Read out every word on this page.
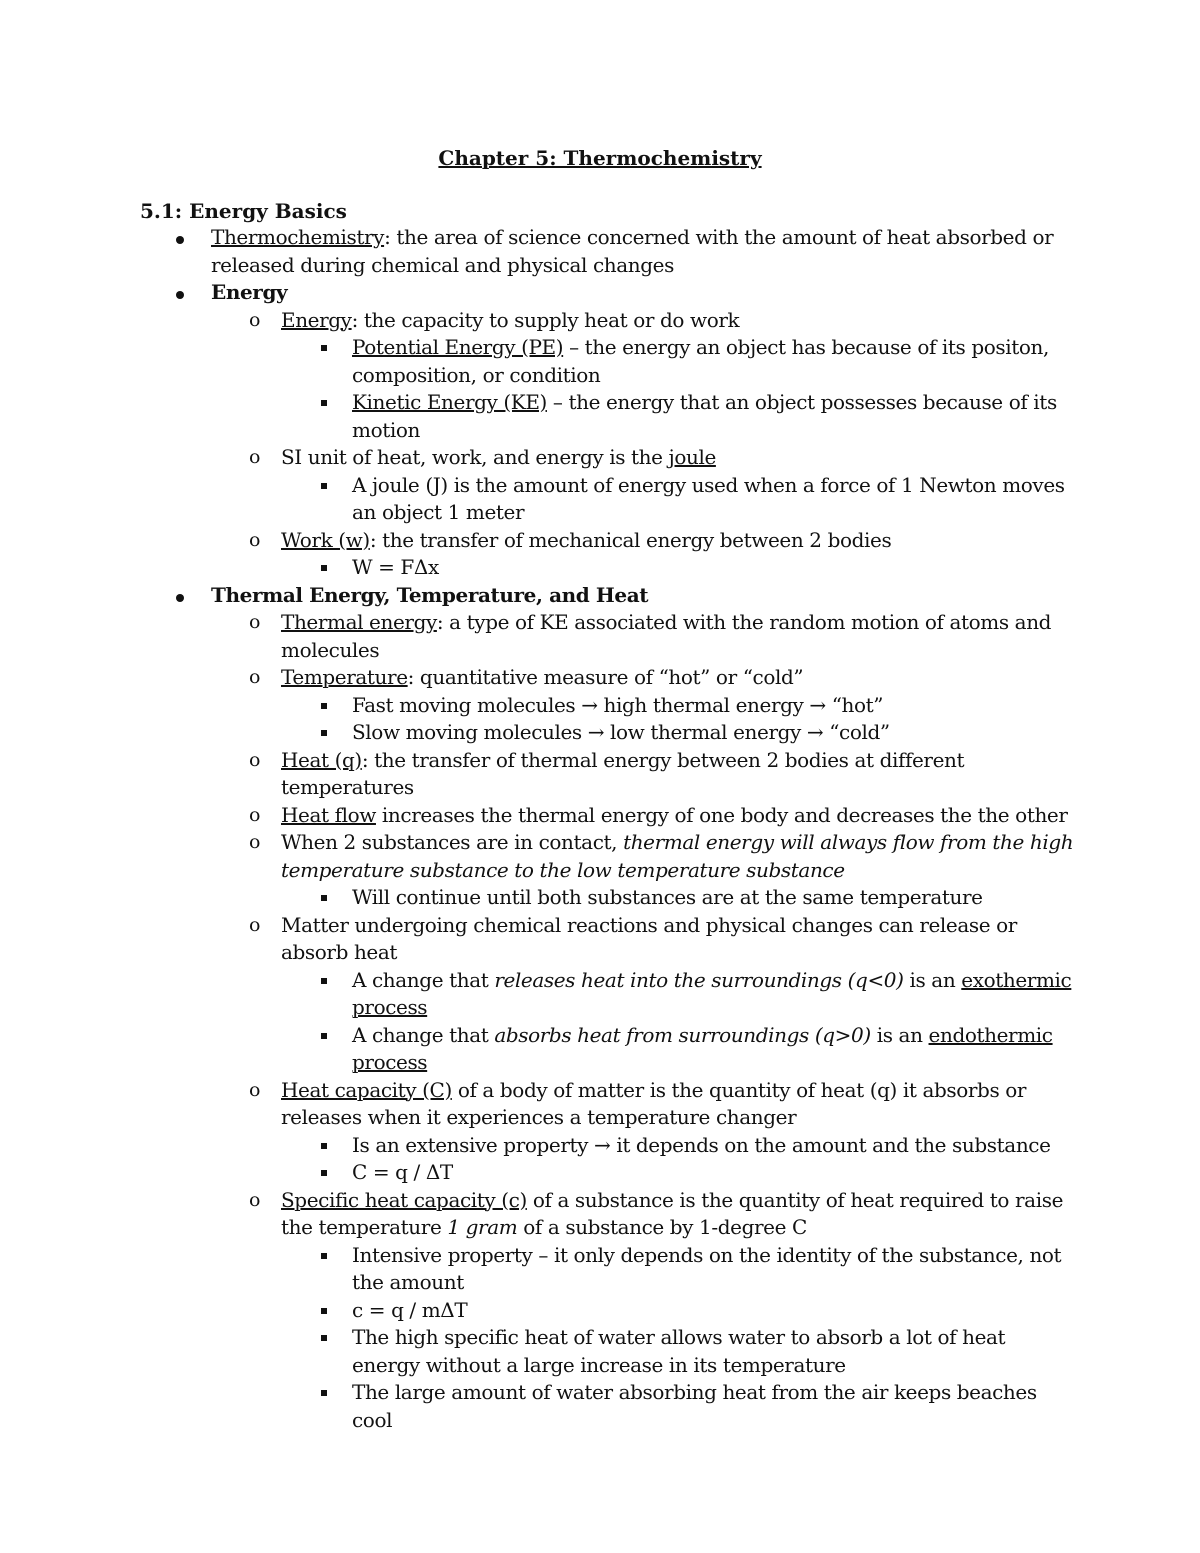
Chapter 5: Thermochemistry
5.1: Energy Basics
Thermochemistry: the area of science concerned with the amount of heat absorbed or released during chemical and physical changes
Energy
o Energy: the capacity to supply heat or do work
Potential Energy (PE) – the energy an object has because of its positon, composition, or condition
Kinetic Energy (KE) – the energy that an object possesses because of its motion
o SI unit of heat, work, and energy is the joule
A joule (J) is the amount of energy used when a force of 1 Newton moves an object 1 meter
o Work (w): the transfer of mechanical energy between 2 bodies
W = FΔx
Thermal Energy, Temperature, and Heat
o Thermal energy: a type of KE associated with the random motion of atoms and molecules
o Temperature: quantitative measure of “hot” or “cold”
Fast moving molecules → high thermal energy → “hot”
Slow moving molecules → low thermal energy → “cold”
o Heat (q): the transfer of thermal energy between 2 bodies at different temperatures
o Heat flow increases the thermal energy of one body and decreases the the other
o When 2 substances are in contact, thermal energy will always flow from the high temperature substance to the low temperature substance
Will continue until both substances are at the same temperature
o Matter undergoing chemical reactions and physical changes can release or absorb heat
A change that releases heat into the surroundings (q<0) is an exothermic process
A change that absorbs heat from surroundings (q>0) is an endothermic process
o Heat capacity (C) of a body of matter is the quantity of heat (q) it absorbs or releases when it experiences a temperature changer
Is an extensive property → it depends on the amount and the substance
C = q / ΔT
o Specific heat capacity (c) of a substance is the quantity of heat required to raise the temperature 1 gram of a substance by 1-degree C
Intensive property – it only depends on the identity of the substance, not the amount
c = q / mΔT
The high specific heat of water allows water to absorb a lot of heat energy without a large increase in its temperature
The large amount of water absorbing heat from the air keeps beaches cool
